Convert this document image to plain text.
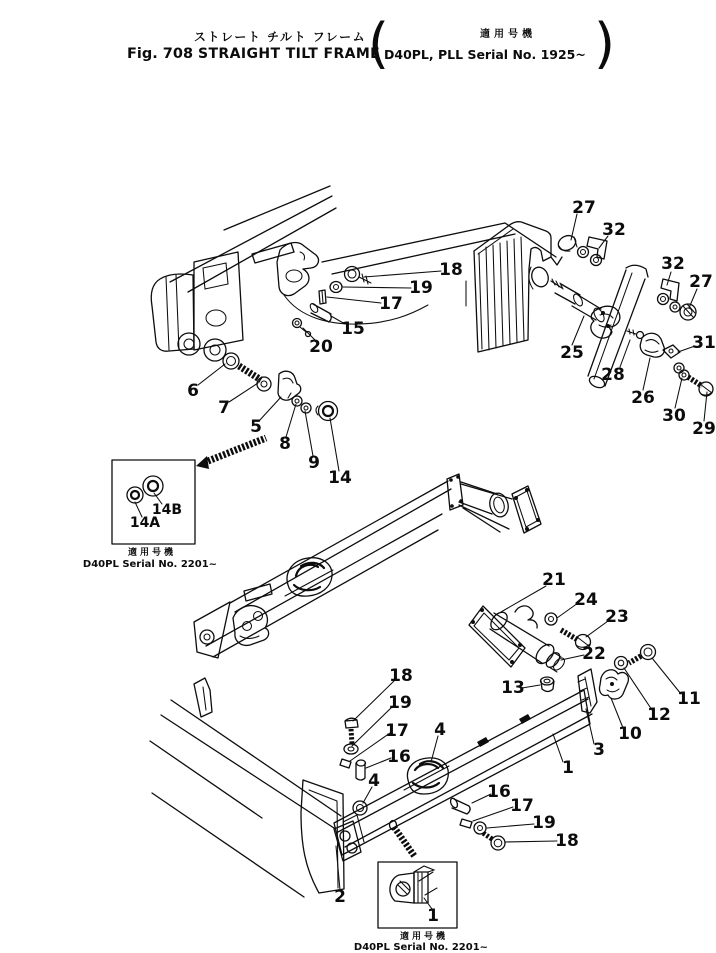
ストレート チルト フレーム
Fig. 708 STRAIGHT TILT FRAME
(	適用号機
D40PL, PLL Serial No. 1925~ )
適用号機
D40PL Serial No. 2201~
適用号機
D40PL Serial No. 2201~
27
32
32
27
25
28
26
31
30
29
18
19
17
15
20
6
7
5
8
9
14
14B
14A
21
24
23
22
13
11
12
10
3
1
18
19
17
16
4
4
16
17
19
18
2
1
